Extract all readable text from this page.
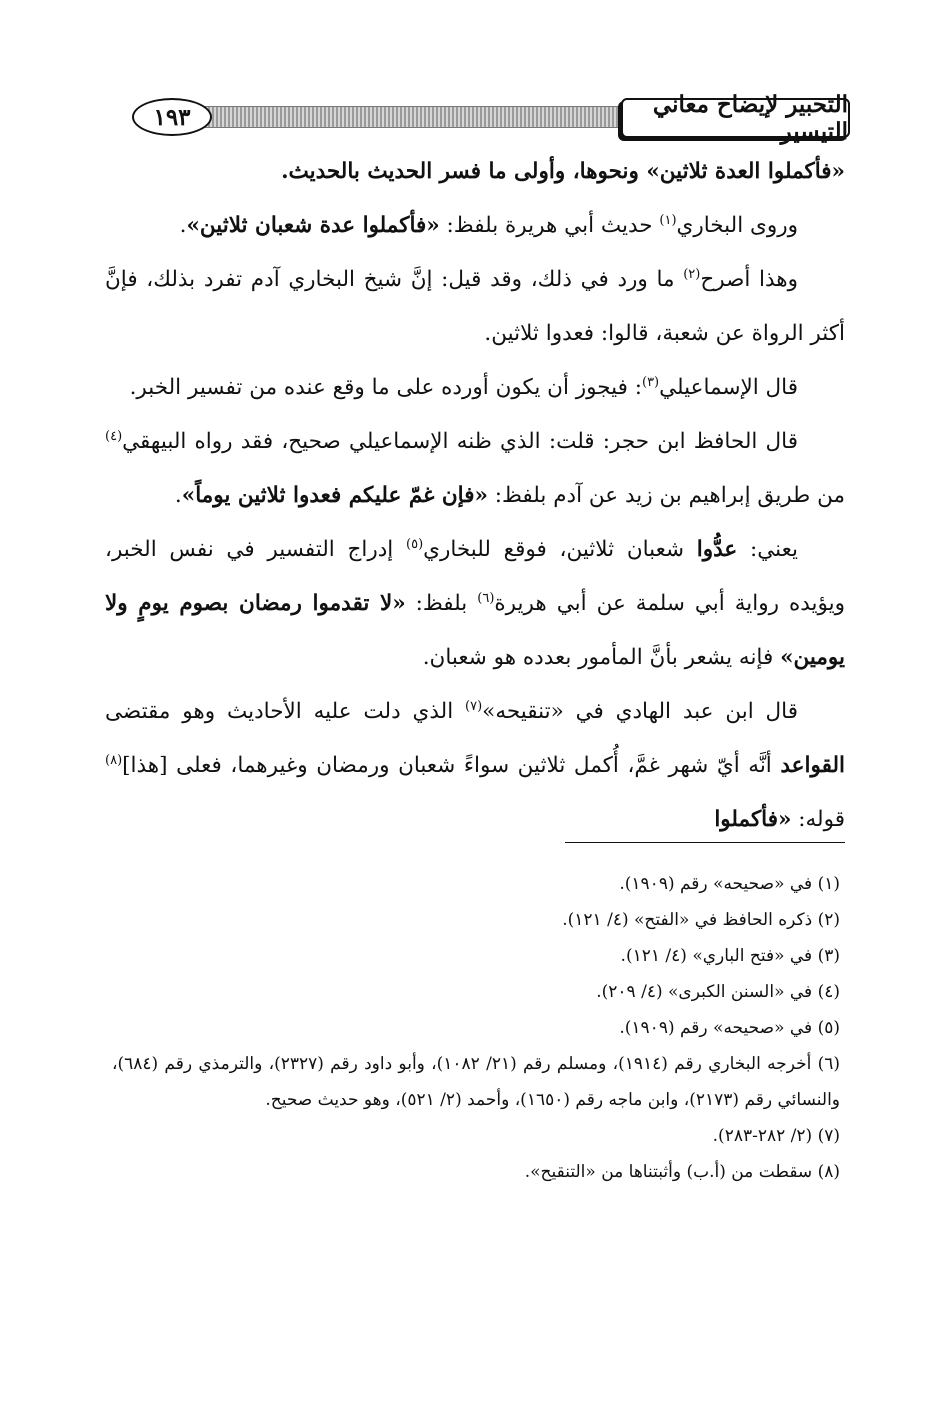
١٩٣	التحبير لإيضاح معاني التيسير

«فأكملوا العدة ثلاثين» ونحوها، وأولى ما فسر الحديث بالحديث.

وروى البخاري$^{(١)}$ حديث أبي هريرة بلفظ: «فأكملوا عدة شعبان ثلاثين».

وهذا أصرح$^{(٢)}$ ما ورد في ذلك، وقد قيل: إنَّ شيخ البخاري آدم تفرد بذلك، فإنَّ أكثر الرواة عن شعبة، قالوا: فعدوا ثلاثين.

قال الإسماعيلي$^{(٣)}$: فيجوز أن يكون أورده على ما وقع عنده من تفسير الخبر.

قال الحافظ ابن حجر: قلت: الذي ظنه الإسماعيلي صحيح، فقد رواه البيهقي$^{(٤)}$ من طريق إبراهيم بن زيد عن آدم بلفظ: «فإن غمّ عليكم فعدوا ثلاثين يوماً».

يعني: عدُّوا شعبان ثلاثين، فوقع للبخاري$^{(٥)}$ إدراج التفسير في نفس الخبر، ويؤيده رواية أبي سلمة عن أبي هريرة$^{(٦)}$ بلفظ: «لا تقدموا رمضان بصوم يومٍ ولا يومين» فإنه يشعر بأنَّ المأمور بعدده هو شعبان.

قال ابن عبد الهادي في «تنقيحه»$^{(٧)}$ الذي دلت عليه الأحاديث وهو مقتضى القواعد أنَّه أيّ شهر غمَّ، أُكمل ثلاثين سواءً شعبان ورمضان وغيرهما، فعلى [هذا]$^{(٨)}$ قوله: «فأكملوا

(١) في «صحيحه» رقم (١٩٠٩).

(٢) ذكره الحافظ في «الفتح» (٤/ ١٢١).

(٣) في «فتح الباري» (٤/ ١٢١).

(٤) في «السنن الكبرى» (٤/ ٢٠٩).

(٥) في «صحيحه» رقم (١٩٠٩).

(٦) أخرجه البخاري رقم (١٩١٤)، ومسلم رقم (٢١/ ١٠٨٢)، وأبو داود رقم (٢٣٢٧)، والترمذي رقم (٦٨٤)، والنسائي رقم (٢١٧٣)، وابن ماجه رقم (١٦٥٠)، وأحمد (٢/ ٥٢١)، وهو حديث صحيح.

(٧) (٢/ ٢٨٢-٢٨٣).

(٨) سقطت من (أ.ب) وأثبتناها من «التنقيح».
